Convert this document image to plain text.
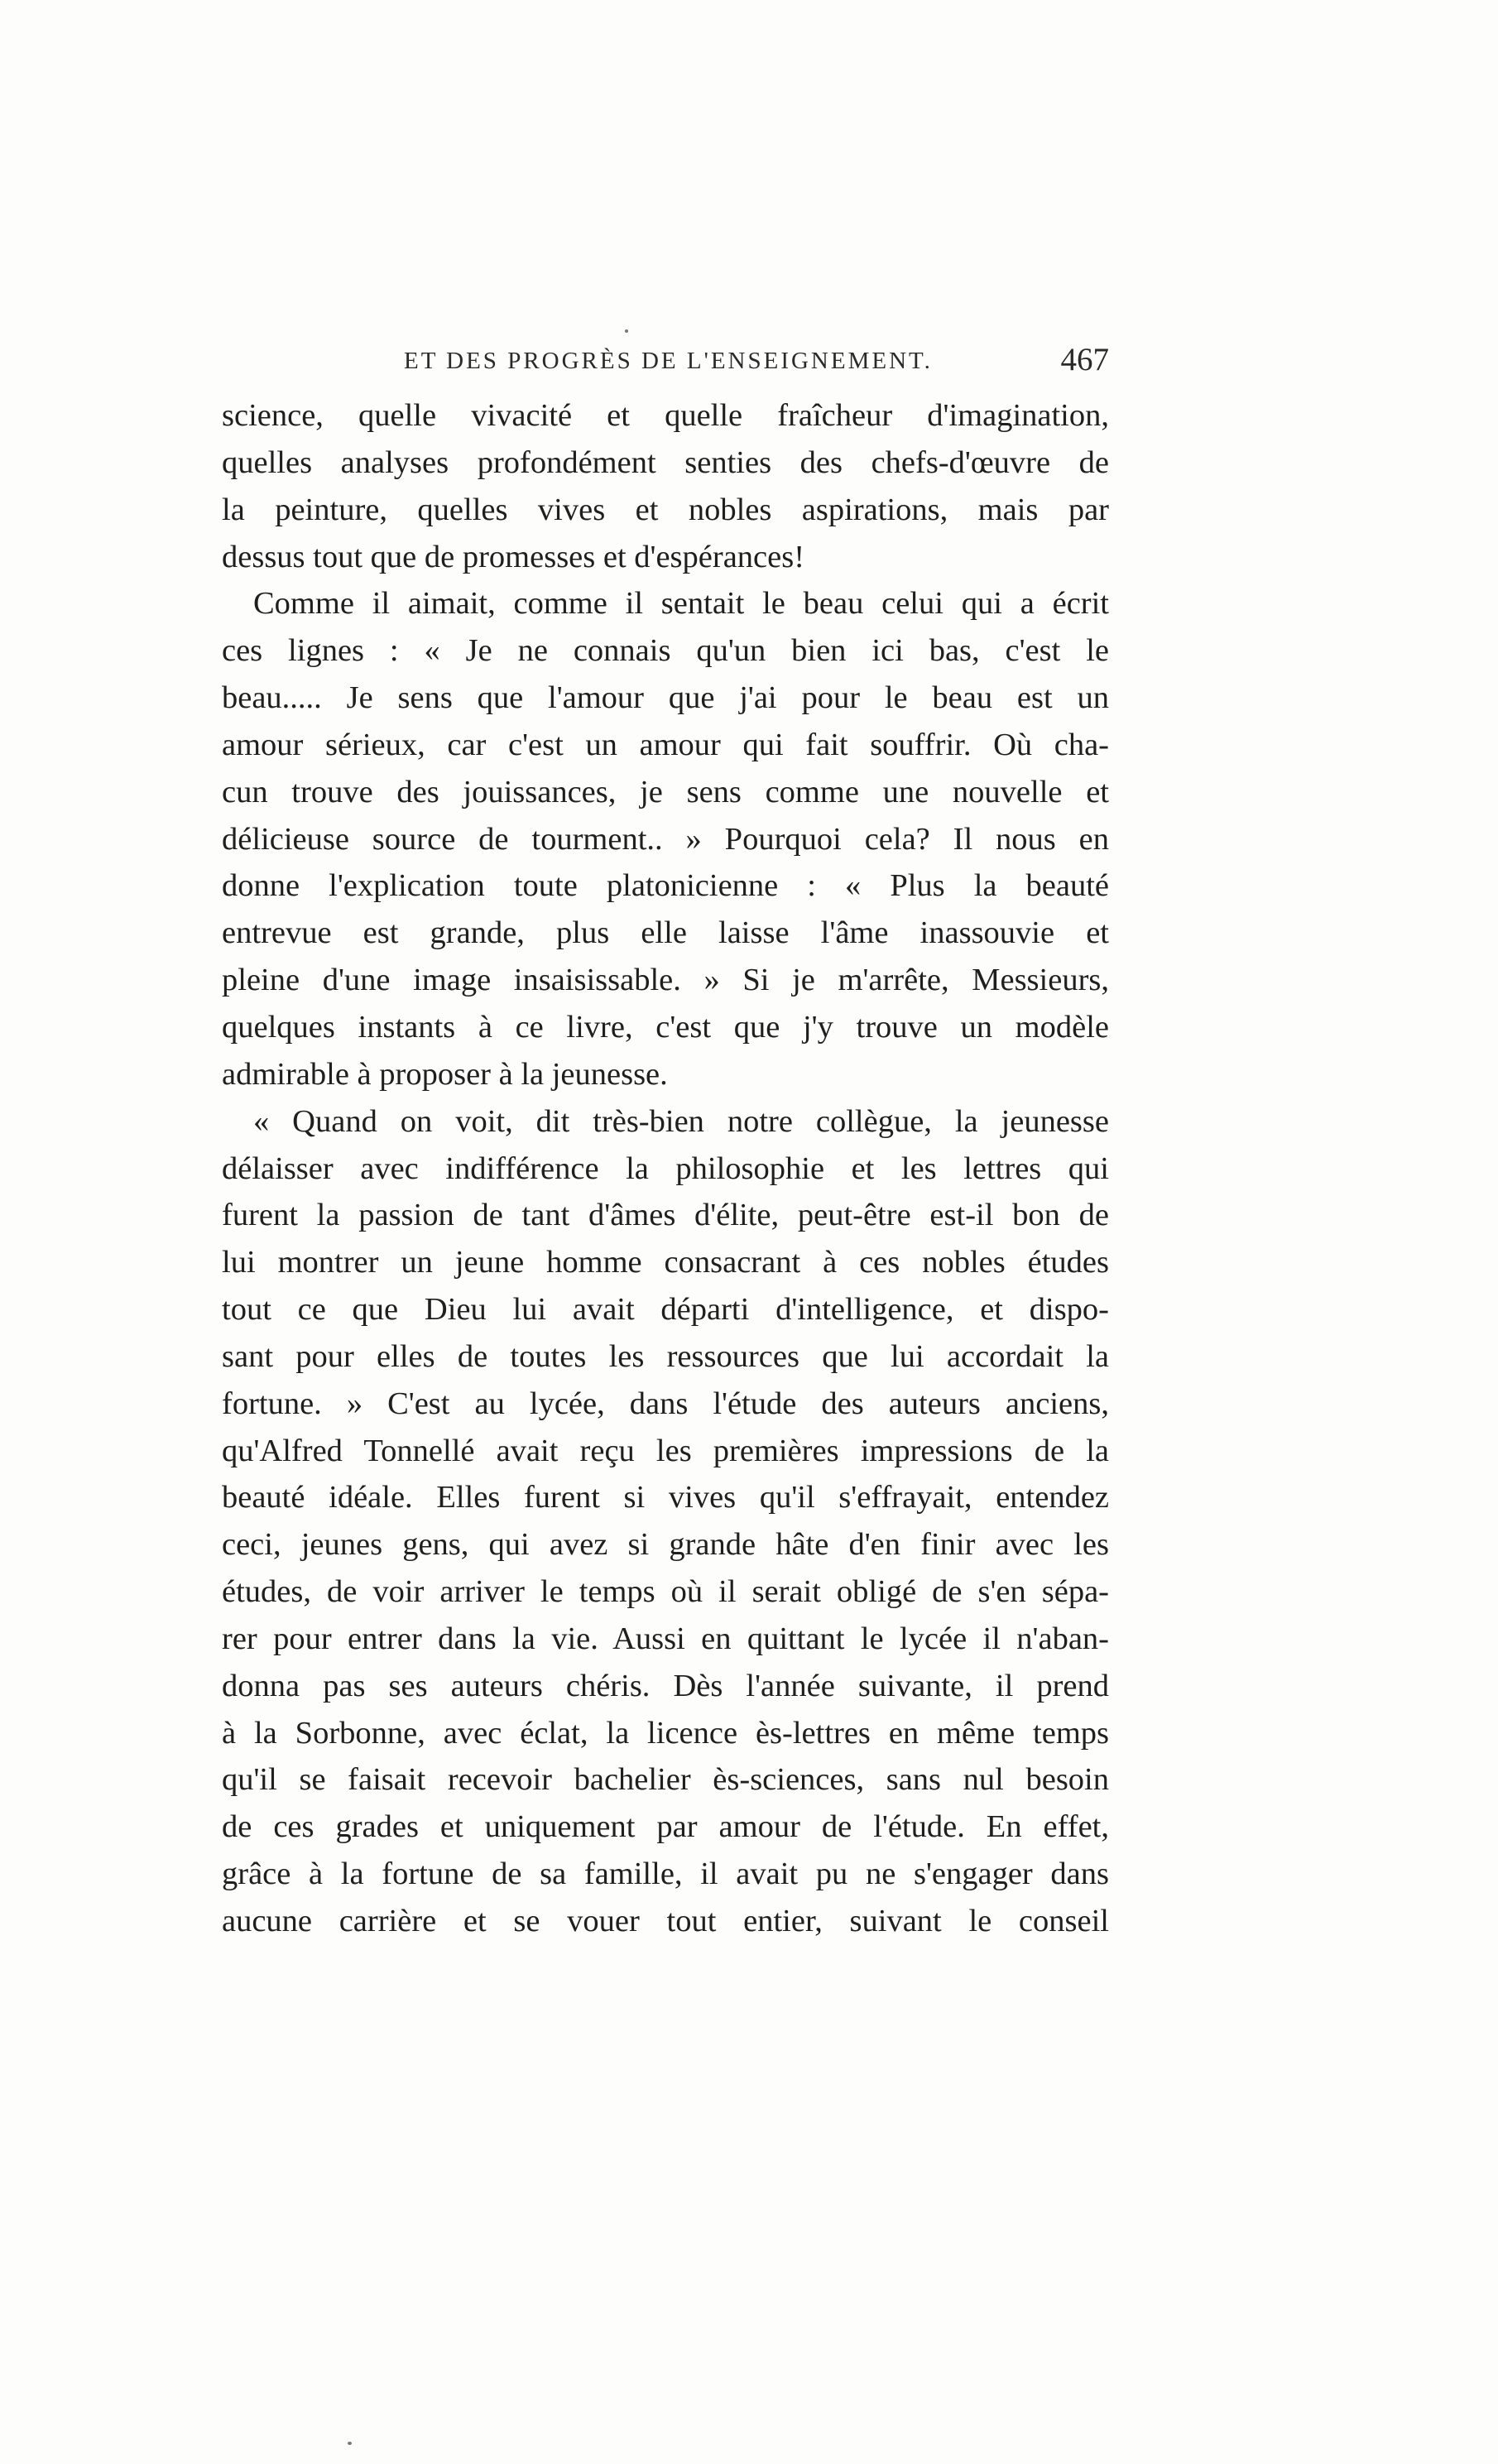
ET DES PROGRÈS DE L'ENSEIGNEMENT.	467
science, quelle vivacité et quelle fraîcheur d'imagination,
quelles analyses profondément senties des chefs-d'œuvre de
la peinture, quelles vives et nobles aspirations, mais par
dessus tout que de promesses et d'espérances!
Comme il aimait, comme il sentait le beau celui qui a écrit
ces lignes : « Je ne connais qu'un bien ici bas, c'est le
beau..... Je sens que l'amour que j'ai pour le beau est un
amour sérieux, car c'est un amour qui fait souffrir. Où cha-
cun trouve des jouissances, je sens comme une nouvelle et
délicieuse source de tourment.. » Pourquoi cela? Il nous en
donne l'explication toute platonicienne : « Plus la beauté
entrevue est grande, plus elle laisse l'âme inassouvie et
pleine d'une image insaisissable. » Si je m'arrête, Messieurs,
quelques instants à ce livre, c'est que j'y trouve un modèle
admirable à proposer à la jeunesse.
« Quand on voit, dit très-bien notre collègue, la jeunesse
délaisser avec indifférence la philosophie et les lettres qui
furent la passion de tant d'âmes d'élite, peut-être est-il bon de
lui montrer un jeune homme consacrant à ces nobles études
tout ce que Dieu lui avait départi d'intelligence, et dispo-
sant pour elles de toutes les ressources que lui accordait la
fortune. » C'est au lycée, dans l'étude des auteurs anciens,
qu'Alfred Tonnellé avait reçu les premières impressions de la
beauté idéale. Elles furent si vives qu'il s'effrayait, entendez
ceci, jeunes gens, qui avez si grande hâte d'en finir avec les
études, de voir arriver le temps où il serait obligé de s'en sépa-
rer pour entrer dans la vie. Aussi en quittant le lycée il n'aban-
donna pas ses auteurs chéris. Dès l'année suivante, il prend
à la Sorbonne, avec éclat, la licence ès-lettres en même temps
qu'il se faisait recevoir bachelier ès-sciences, sans nul besoin
de ces grades et uniquement par amour de l'étude. En effet,
grâce à la fortune de sa famille, il avait pu ne s'engager dans
aucune carrière et se vouer tout entier, suivant le conseil
